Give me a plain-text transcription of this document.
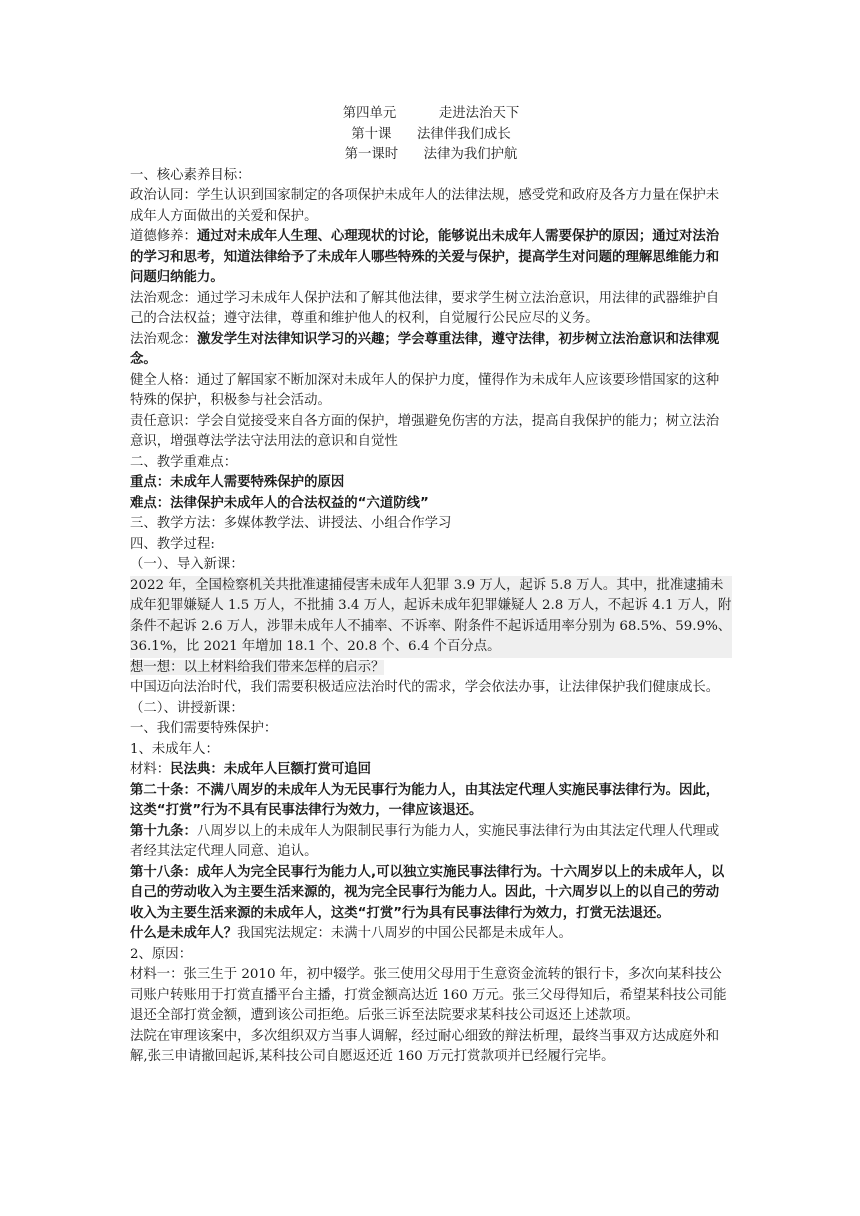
第四单元          走进法治天下
第十课      法律伴我们成长
第一课时      法律为我们护航

一、核心素养目标：

政治认同：学生认识到国家制定的各项保护未成年人的法律法规，感受党和政府及各方力量在保护未成年人方面做出的关爱和保护。

道德修养：通过对未成年人生理、心理现状的讨论，能够说出未成年人需要保护的原因；通过对法治的学习和思考，知道法律给予了未成年人哪些特殊的关爱与保护，提高学生对问题的理解思维能力和问题归纳能力。

法治观念：通过学习未成年人保护法和了解其他法律，要求学生树立法治意识，用法律的武器维护自己的合法权益；遵守法律，尊重和维护他人的权利，自觉履行公民应尽的义务。

法治观念：激发学生对法律知识学习的兴趣；学会尊重法律，遵守法律，初步树立法治意识和法律观念。

健全人格：通过了解国家不断加深对未成年人的保护力度，懂得作为未成年人应该要珍惜国家的这种特殊的保护，积极参与社会活动。

责任意识：学会自觉接受来自各方面的保护，增强避免伤害的方法，提高自我保护的能力；树立法治意识，增强尊法学法守法用法的意识和自觉性

二、教学重难点：

重点：未成年人需要特殊保护的原因

难点：法律保护未成年人的合法权益的“六道防线”

三、教学方法：多媒体教学法、讲授法、小组合作学习

四、教学过程:

（一）、导入新课：

2022 年，全国检察机关共批准逮捕侵害未成年人犯罪 3.9 万人，起诉 5.8 万人。其中，批准逮捕未成年犯罪嫌疑人 1.5 万人，不批捕 3.4 万人，起诉未成年犯罪嫌疑人 2.8 万人，不起诉 4.1 万人，附条件不起诉 2.6 万人，涉罪未成年人不捕率、不诉率、附条件不起诉适用率分别为 68.5%、59.9%、36.1%，比 2021 年增加 18.1 个、20.8 个、6.4 个百分点。

想一想：以上材料给我们带来怎样的启示？

中国迈向法治时代，我们需要积极适应法治时代的需求，学会依法办事，让法律保护我们健康成长。

（二）、讲授新课：

一、我们需要特殊保护：

1、未成年人：

材料：民法典：未成年人巨额打赏可追回

第二十条：不满八周岁的未成年人为无民事行为能力人，由其法定代理人实施民事法律行为。因此，这类“打赏”行为不具有民事法律行为效力，一律应该退还。

第十九条：八周岁以上的未成年人为限制民事行为能力人，实施民事法律行为由其法定代理人代理或者经其法定代理人同意、追认。

第十八条：成年人为完全民事行为能力人,可以独立实施民事法律行为。十六周岁以上的未成年人，以自己的劳动收入为主要生活来源的，视为完全民事行为能力人。因此，十六周岁以上的以自己的劳动收入为主要生活来源的未成年人，这类“打赏”行为具有民事法律行为效力，打赏无法退还。

什么是未成年人？我国宪法规定：未满十八周岁的中国公民都是未成年人。

2、原因：

材料一：张三生于 2010 年，初中辍学。张三使用父母用于生意资金流转的银行卡，多次向某科技公司账户转账用于打赏直播平台主播，打赏金额高达近 160 万元。张三父母得知后，希望某科技公司能退还全部打赏金额，遭到该公司拒绝。后张三诉至法院要求某科技公司返还上述款项。

法院在审理该案中，多次组织双方当事人调解，经过耐心细致的辩法析理，最终当事双方达成庭外和解,张三申请撤回起诉,某科技公司自愿返还近 160 万元打赏款项并已经履行完毕。
